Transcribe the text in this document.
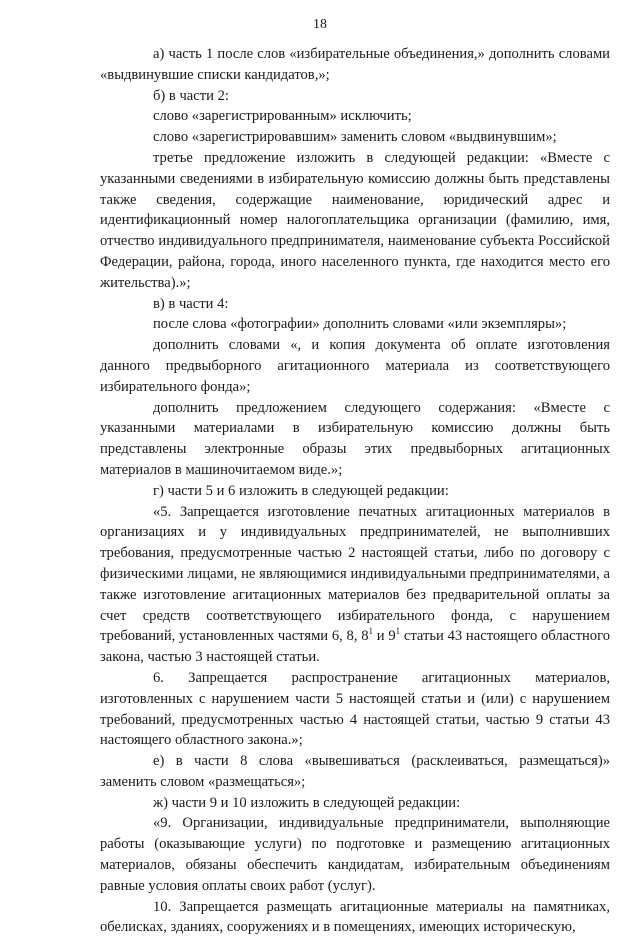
18

а) часть 1 после слов «избирательные объединения,» дополнить словами «выдвинувшие списки кандидатов,»;

б) в части 2:

слово «зарегистрированным» исключить;

слово «зарегистрировавшим» заменить словом «выдвинувшим»;

третье предложение изложить в следующей редакции: «Вместе с указанными сведениями в избирательную комиссию должны быть представлены также сведения, содержащие наименование, юридический адрес и идентификационный номер налогоплательщика организации (фамилию, имя, отчество индивидуального предпринимателя, наименование субъекта Российской Федерации, района, города, иного населенного пункта, где находится место его жительства).»;

в) в части 4:

после слова «фотографии» дополнить словами «или экземпляры»;

дополнить словами «, и копия документа об оплате изготовления данного предвыборного агитационного материала из соответствующего избирательного фонда»;

дополнить предложением следующего содержания: «Вместе с указанными материалами в избирательную комиссию должны быть представлены электронные образы этих предвыборных агитационных материалов в машиночитаемом виде.»;

г) части 5 и 6 изложить в следующей редакции:

«5. Запрещается изготовление печатных агитационных материалов в организациях и у индивидуальных предпринимателей, не выполнивших требования, предусмотренные частью 2 настоящей статьи, либо по договору с физическими лицами, не являющимися индивидуальными предпринимателями, а также изготовление агитационных материалов без предварительной оплаты за счет средств соответствующего избирательного фонда, с нарушением требований, установленных частями 6, 8, $8^1$ и $9^1$ статьи 43 настоящего областного закона, частью 3 настоящей статьи.

6. Запрещается распространение агитационных материалов, изготовленных с нарушением части 5 настоящей статьи и (или) с нарушением требований, предусмотренных частью 4 настоящей статьи, частью 9 статьи 43 настоящего областного закона.»;

е) в части 8 слова «вывешиваться (расклеиваться, размещаться)» заменить словом «размещаться»;

ж) части 9 и 10 изложить в следующей редакции:

«9. Организации, индивидуальные предприниматели, выполняющие работы (оказывающие услуги) по подготовке и размещению агитационных материалов, обязаны обеспечить кандидатам, избирательным объединениям равные условия оплаты своих работ (услуг).

10. Запрещается размещать агитационные материалы на памятниках, обелисках, зданиях, сооружениях и в помещениях, имеющих историческую,
